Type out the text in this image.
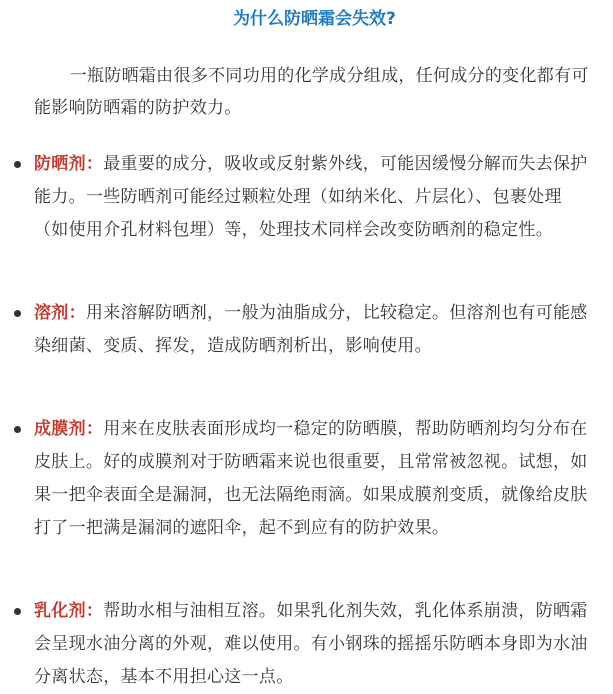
为什么防晒霜会失效?

一瓶防晒霜由很多不同功用的化学成分组成，任何成分的变化都有可能影响防晒霜的防护效力。

防晒剂：最重要的成分，吸收或反射紫外线，可能因缓慢分解而失去保护能力。一些防晒剂可能经过颗粒处理（如纳米化、片层化）、包裹处理（如使用介孔材料包埋）等，处理技术同样会改变防晒剂的稳定性。
溶剂：用来溶解防晒剂，一般为油脂成分，比较稳定。但溶剂也有可能感染细菌、变质、挥发，造成防晒剂析出，影响使用。
成膜剂：用来在皮肤表面形成均一稳定的防晒膜，帮助防晒剂均匀分布在皮肤上。好的成膜剂对于防晒霜来说也很重要，且常常被忽视。试想，如果一把伞表面全是漏洞，也无法隔绝雨滴。如果成膜剂变质，就像给皮肤打了一把满是漏洞的遮阳伞，起不到应有的防护效果。
乳化剂：帮助水相与油相互溶。如果乳化剂失效，乳化体系崩溃，防晒霜会呈现水油分离的外观，难以使用。有小钢珠的摇摇乐防晒本身即为水油分离状态，基本不用担心这一点。
